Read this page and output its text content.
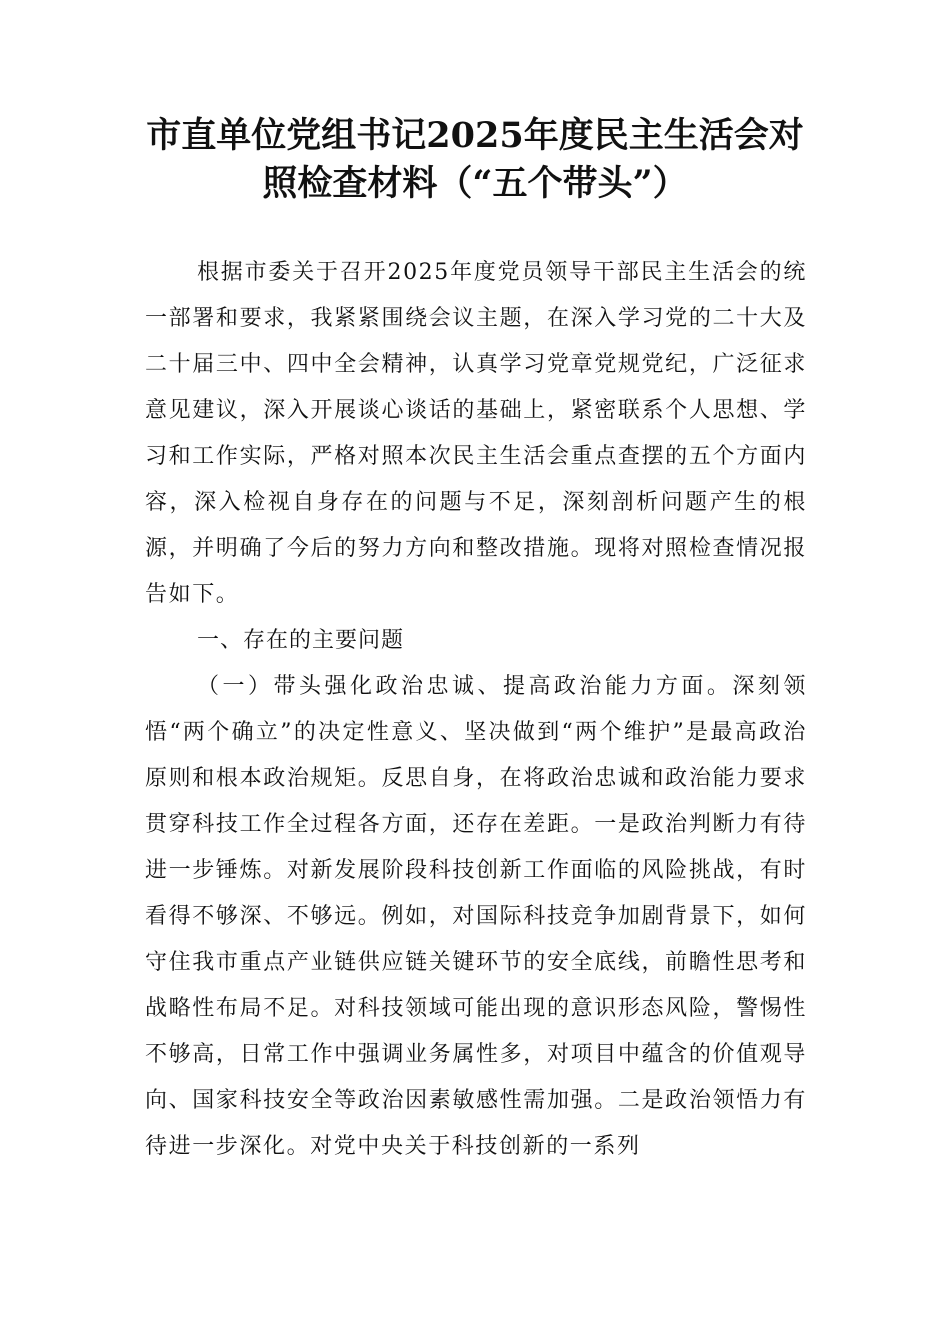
市直单位党组书记2025年度民主生活会对
照检查材料（“五个带头”）

根据市委关于召开2025年度党员领导干部民主生活会的统一部署和要求，我紧紧围绕会议主题，在深入学习党的二十大及二十届三中、四中全会精神，认真学习党章党规党纪，广泛征求意见建议，深入开展谈心谈话的基础上，紧密联系个人思想、学习和工作实际，严格对照本次民主生活会重点查摆的五个方面内容，深入检视自身存在的问题与不足，深刻剖析问题产生的根源，并明确了今后的努力方向和整改措施。现将对照检查情况报告如下。

一、存在的主要问题

（一）带头强化政治忠诚、提高政治能力方面。深刻领悟“两个确立”的决定性意义、坚决做到“两个维护”是最高政治原则和根本政治规矩。反思自身，在将政治忠诚和政治能力要求贯穿科技工作全过程各方面，还存在差距。一是政治判断力有待进一步锤炼。对新发展阶段科技创新工作面临的风险挑战，有时看得不够深、不够远。例如，对国际科技竞争加剧背景下，如何守住我市重点产业链供应链关键环节的安全底线，前瞻性思考和战略性布局不足。对科技领域可能出现的意识形态风险，警惕性不够高，日常工作中强调业务属性多，对项目中蕴含的价值观导向、国家科技安全等政治因素敏感性需加强。二是政治领悟力有待进一步深化。对党中央关于科技创新的一系列
